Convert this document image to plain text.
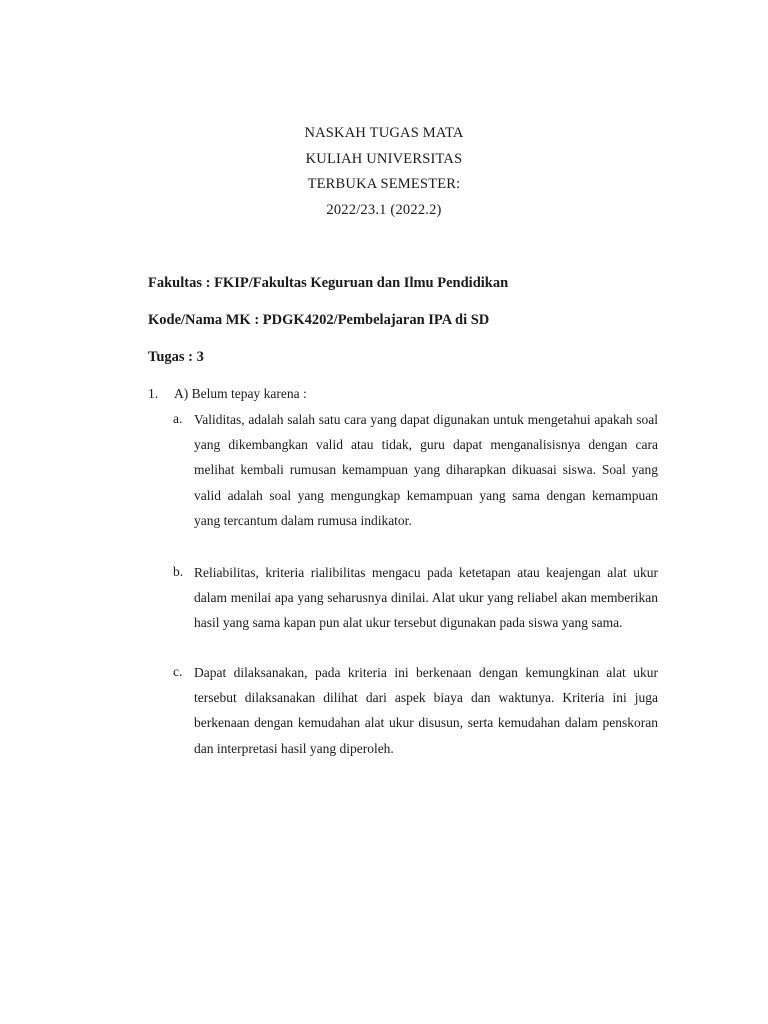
NASKAH TUGAS MATA
KULIAH UNIVERSITAS
TERBUKA SEMESTER:
2022/23.1 (2022.2)
Fakultas : FKIP/Fakultas Keguruan dan Ilmu Pendidikan
Kode/Nama MK : PDGK4202/Pembelajaran IPA di SD
Tugas : 3
1. A) Belum tepay karena :
a. Validitas, adalah salah satu cara yang dapat digunakan untuk mengetahui apakah soal yang dikembangkan valid atau tidak, guru dapat menganalisisnya dengan cara melihat kembali rumusan kemampuan yang diharapkan dikuasai siswa. Soal yang valid adalah soal yang mengungkap kemampuan yang sama dengan kemampuan yang tercantum dalam rumusa indikator.
b. Reliabilitas, kriteria rialibilitas mengacu pada ketetapan atau keajengan alat ukur dalam menilai apa yang seharusnya dinilai. Alat ukur yang reliabel akan memberikan hasil yang sama kapan pun alat ukur tersebut digunakan pada siswa yang sama.
c. Dapat dilaksanakan, pada kriteria ini berkenaan dengan kemungkinan alat ukur tersebut dilaksanakan dilihat dari aspek biaya dan waktunya. Kriteria ini juga berkenaan dengan kemudahan alat ukur disusun, serta kemudahan dalam penskoran dan interpretasi hasil yang diperoleh.
